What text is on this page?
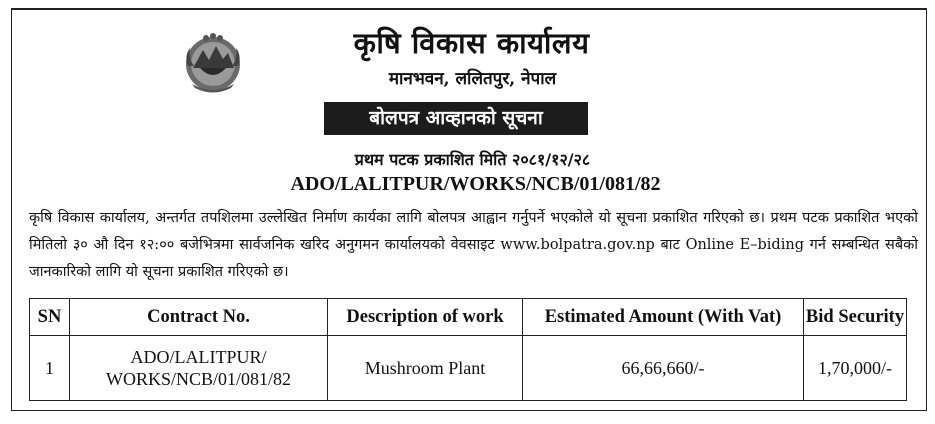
कृषि विकास कार्यालय
मानभवन, ललितपुर, नेपाल
बोलपत्र आव्हानको सूचना
प्रथम पटक प्रकाशित मिति २०८१/१२/२८
ADO/LALITPUR/WORKS/NCB/01/081/82
कृषि विकास कार्यालय, अन्तर्गत तपशिलमा उल्लेखित निर्माण कार्यका लागि बोलपत्र आह्वान गर्नुपर्ने भएकोले यो सूचना प्रकाशित गरिएको छ। प्रथम पटक प्रकाशित भएको मितिलो ३० औ दिन १२:०० बजेभित्रमा सार्वजनिक खरिद अनुगमन कार्यालयको वेवसाइट www.bolpatra.gov.np बाट Online E–biding गर्न सम्बन्धित सबैको जानकारिको लागि यो सूचना प्रकाशित गरिएको छ।
SN	Contract No.	Description of work	Estimated Amount (With Vat)	Bid Security
1	ADO/LALITPUR/
WORKS/NCB/01/081/82	Mushroom Plant	66,66,660/-	1,70,000/-
